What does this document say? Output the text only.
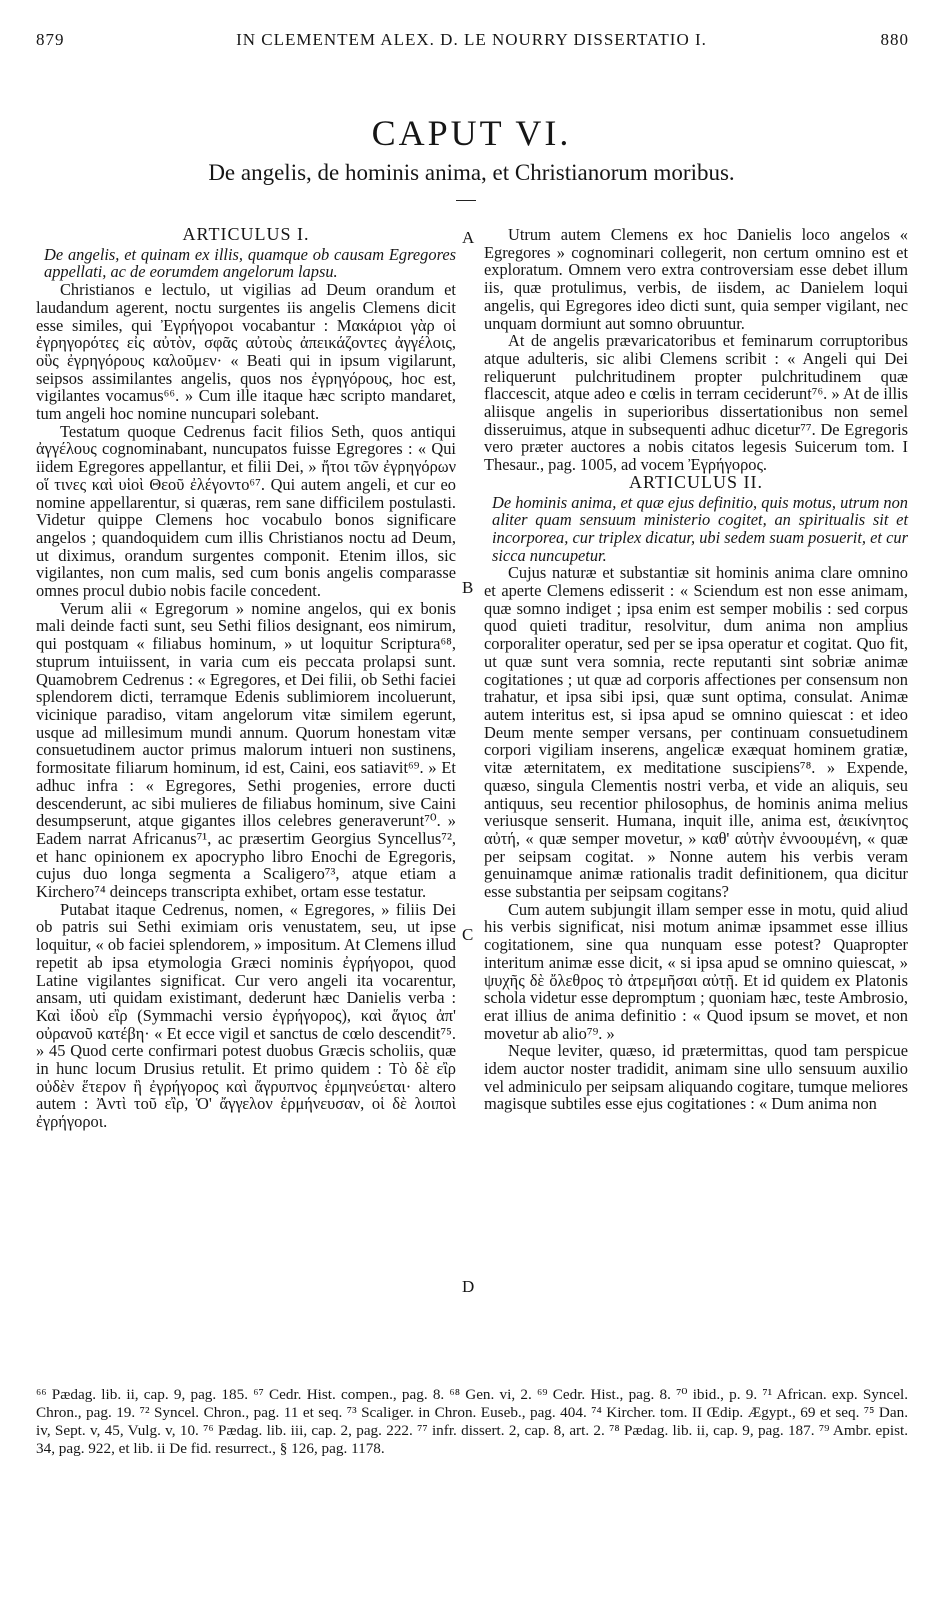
879	IN CLEMENTEM ALEX. D. LE NOURRY DISSERTATIO I.	880
CAPUT VI.
De angelis, de hominis anima, et Christianorum moribus.
A
B
C
D
ARTICULUS I.

De angelis, et quinam ex illis, quamque ob causam Egregores appellati, ac de eorumdem angelorum lapsu.

Christianos e lectulo, ut vigilias ad Deum orandum et laudandum agerent, noctu surgentes iis angelis Clemens dicit esse similes, qui Ἐγρήγοροι vocabantur : Μακάριοι γὰρ οἱ ἐγρηγορότες εἰς αὐτὸν, σφᾶς αὐτοὺς ἀπεικάζοντες ἀγγέλοις, οὓς ἐγρηγόρους καλοῦμεν· « Beati qui in ipsum vigilarunt, seipsos assimilantes angelis, quos nos ἐγρηγόρους, hoc est, vigilantes vocamus⁶⁶. » Cum ille itaque hæc scripto mandaret, tum angeli hoc nomine nuncupari solebant.

Testatum quoque Cedrenus facit filios Seth, quos antiqui ἀγγέλους cognominabant, nuncupatos fuisse Egregores : « Qui iidem Egregores appellantur, et filii Dei, » ἤτοι τῶν ἐγρηγόρων οἵ τινες καὶ υἱοὶ Θεοῦ ἐλέγοντο⁶⁷. Qui autem angeli, et cur eo nomine appellarentur, si quæras, rem sane difficilem postulasti. Videtur quippe Clemens hoc vocabulo bonos significare angelos ; quandoquidem cum illis Christianos noctu ad Deum, ut diximus, orandum surgentes componit. Etenim illos, sic vigilantes, non cum malis, sed cum bonis angelis comparasse omnes procul dubio nobis facile concedent.

Verum alii « Egregorum » nomine angelos, qui ex bonis mali deinde facti sunt, seu Sethi filios designant, eos nimirum, qui postquam « filiabus hominum, » ut loquitur Scriptura⁶⁸, stuprum intuiissent, in varia cum eis peccata prolapsi sunt. Quamobrem Cedrenus : « Egregores, et Dei filii, ob Sethi faciei splendorem dicti, terramque Edenis sublimiorem incoluerunt, vicinique paradiso, vitam angelorum vitæ similem egerunt, usque ad millesimum mundi annum. Quorum honestam vitæ consuetudinem auctor primus malorum intueri non sustinens, formositate filiarum hominum, id est, Caini, eos satiavit⁶⁹. » Et adhuc infra : « Egregores, Sethi progenies, errore ducti descenderunt, ac sibi mulieres de filiabus hominum, sive Caini desumpserunt, atque gigantes illos celebres generaverunt⁷⁰. » Eadem narrat Africanus⁷¹, ac præsertim Georgius Syncellus⁷², et hanc opinionem ex apocrypho libro Enochi de Egregoris, cujus duo longa segmenta a Scaligero⁷³, atque etiam a Kirchero⁷⁴ deinceps transcripta exhibet, ortam esse testatur.

Putabat itaque Cedrenus, nomen, « Egregores, » filiis Dei ob patris sui Sethi eximiam oris venustatem, seu, ut ipse loquitur, « ob faciei splendorem, » impositum. At Clemens illud repetit ab ipsa etymologia Græci nominis ἐγρήγοροι, quod Latine vigilantes significat. Cur vero angeli ita vocarentur, ansam, uti quidam existimant, dederunt hæc Danielis verba : Καὶ ἰδοὺ εἲρ (Symmachi versio ἐγρήγορος), καὶ ἅγιος ἀπ' οὐρανοῦ κατέβη· « Et ecce vigil et sanctus de cœlo descendit⁷⁵. » 45 Quod certe confirmari potest duobus Græcis scholiis, quæ in hunc locum Drusius retulit. Et primo quidem : Τὸ δὲ εἲρ οὐδὲν ἕτερον ἢ ἐγρήγορος καὶ ἄγρυπνος ἑρμηνεύεται· altero autem : Ἀντὶ τοῦ εἲρ, Ὁ' ἄγγελον ἑρμήνευσαν, οἱ δὲ λοιποὶ ἐγρήγοροι.

Utrum autem Clemens ex hoc Danielis loco angelos « Egregores » cognominari collegerit, non certum omnino est et exploratum. Omnem vero extra controversiam esse debet illum iis, quæ protulimus, verbis, de iisdem, ac Danielem loqui angelis, qui Egregores ideo dicti sunt, quia semper vigilant, nec unquam dormiunt aut somno obruuntur.

At de angelis prævaricatoribus et feminarum corruptoribus atque adulteris, sic alibi Clemens scribit : « Angeli qui Dei reliquerunt pulchritudinem propter pulchritudinem quæ flaccescit, atque adeo e cœlis in terram ceciderunt⁷⁶. » At de illis aliisque angelis in superioribus dissertationibus non semel disseruimus, atque in subsequenti adhuc dicetur⁷⁷. De Egregoris vero præter auctores a nobis citatos legesis Suicerum tom. I Thesaur., pag. 1005, ad vocem Ἐγρήγορος.

ARTICULUS II.

De hominis anima, et quæ ejus definitio, quis motus, utrum non aliter quam sensuum ministerio cogitet, an spiritualis sit et incorporea, cur triplex dicatur, ubi sedem suam posuerit, et cur sicca nuncupetur.

Cujus naturæ et substantiæ sit hominis anima clare omnino et aperte Clemens edisserit : « Sciendum est non esse animam, quæ somno indiget ; ipsa enim est semper mobilis : sed corpus quod quieti traditur, resolvitur, dum anima non amplius corporaliter operatur, sed per se ipsa operatur et cogitat. Quo fit, ut quæ sunt vera somnia, recte reputanti sint sobriæ animæ cogitationes ; ut quæ ad corporis affectiones per consensum non trahatur, et ipsa sibi ipsi, quæ sunt optima, consulat. Animæ autem interitus est, si ipsa apud se omnino quiescat : et ideo Deum mente semper versans, per continuam consuetudinem corpori vigiliam inserens, angelicæ exæquat hominem gratiæ, vitæ æternitatem, ex meditatione suscipiens⁷⁸. » Expende, quæso, singula Clementis nostri verba, et vide an aliquis, seu antiquus, seu recentior philosophus, de hominis anima melius veriusque senserit. Humana, inquit ille, anima est, ἀεικίνητος αὐτή, « quæ semper movetur, » καθ' αὑτὴν ἐννοουμένη, « quæ per seipsam cogitat. » Nonne autem his verbis veram genuinamque animæ rationalis tradit definitionem, qua dicitur esse substantia per seipsam cogitans?

Cum autem subjungit illam semper esse in motu, quid aliud his verbis significat, nisi motum animæ ipsammet esse illius cogitationem, sine qua nunquam esse potest? Quapropter interitum animæ esse dicit, « si ipsa apud se omnino quiescat, » ψυχῆς δὲ ὄλεθρος τὸ ἀτρεμῆσαι αὐτῇ. Et id quidem ex Platonis schola videtur esse depromptum ; quoniam hæc, teste Ambrosio, erat illius de anima definitio : « Quod ipsum se movet, et non movetur ab alio⁷⁹. »

Neque leviter, quæso, id prætermittas, quod tam perspicue idem auctor noster tradidit, animam sine ullo sensuum auxilio vel adminiculo per seipsam aliquando cogitare, tumque meliores magisque subtiles esse ejus cogitationes : « Dum anima non

⁶⁶ Pædag. lib. ii, cap. 9, pag. 185. ⁶⁷ Cedr. Hist. compen., pag. 8. ⁶⁸ Gen. vi, 2. ⁶⁹ Cedr. Hist., pag. 8. ⁷⁰ ibid., p. 9. ⁷¹ African. exp. Syncel. Chron., pag. 19. ⁷² Syncel. Chron., pag. 11 et seq. ⁷³ Scaliger. in Chron. Euseb., pag. 404. ⁷⁴ Kircher. tom. II Œdip. Ægypt., 69 et seq. ⁷⁵ Dan. iv, Sept. v, 45, Vulg. v, 10. ⁷⁶ Pædag. lib. iii, cap. 2, pag. 222. ⁷⁷ infr. dissert. 2, cap. 8, art. 2. ⁷⁸ Pædag. lib. ii, cap. 9, pag. 187. ⁷⁹ Ambr. epist. 34, pag. 922, et lib. ii De fid. resurrect., § 126, pag. 1178.
